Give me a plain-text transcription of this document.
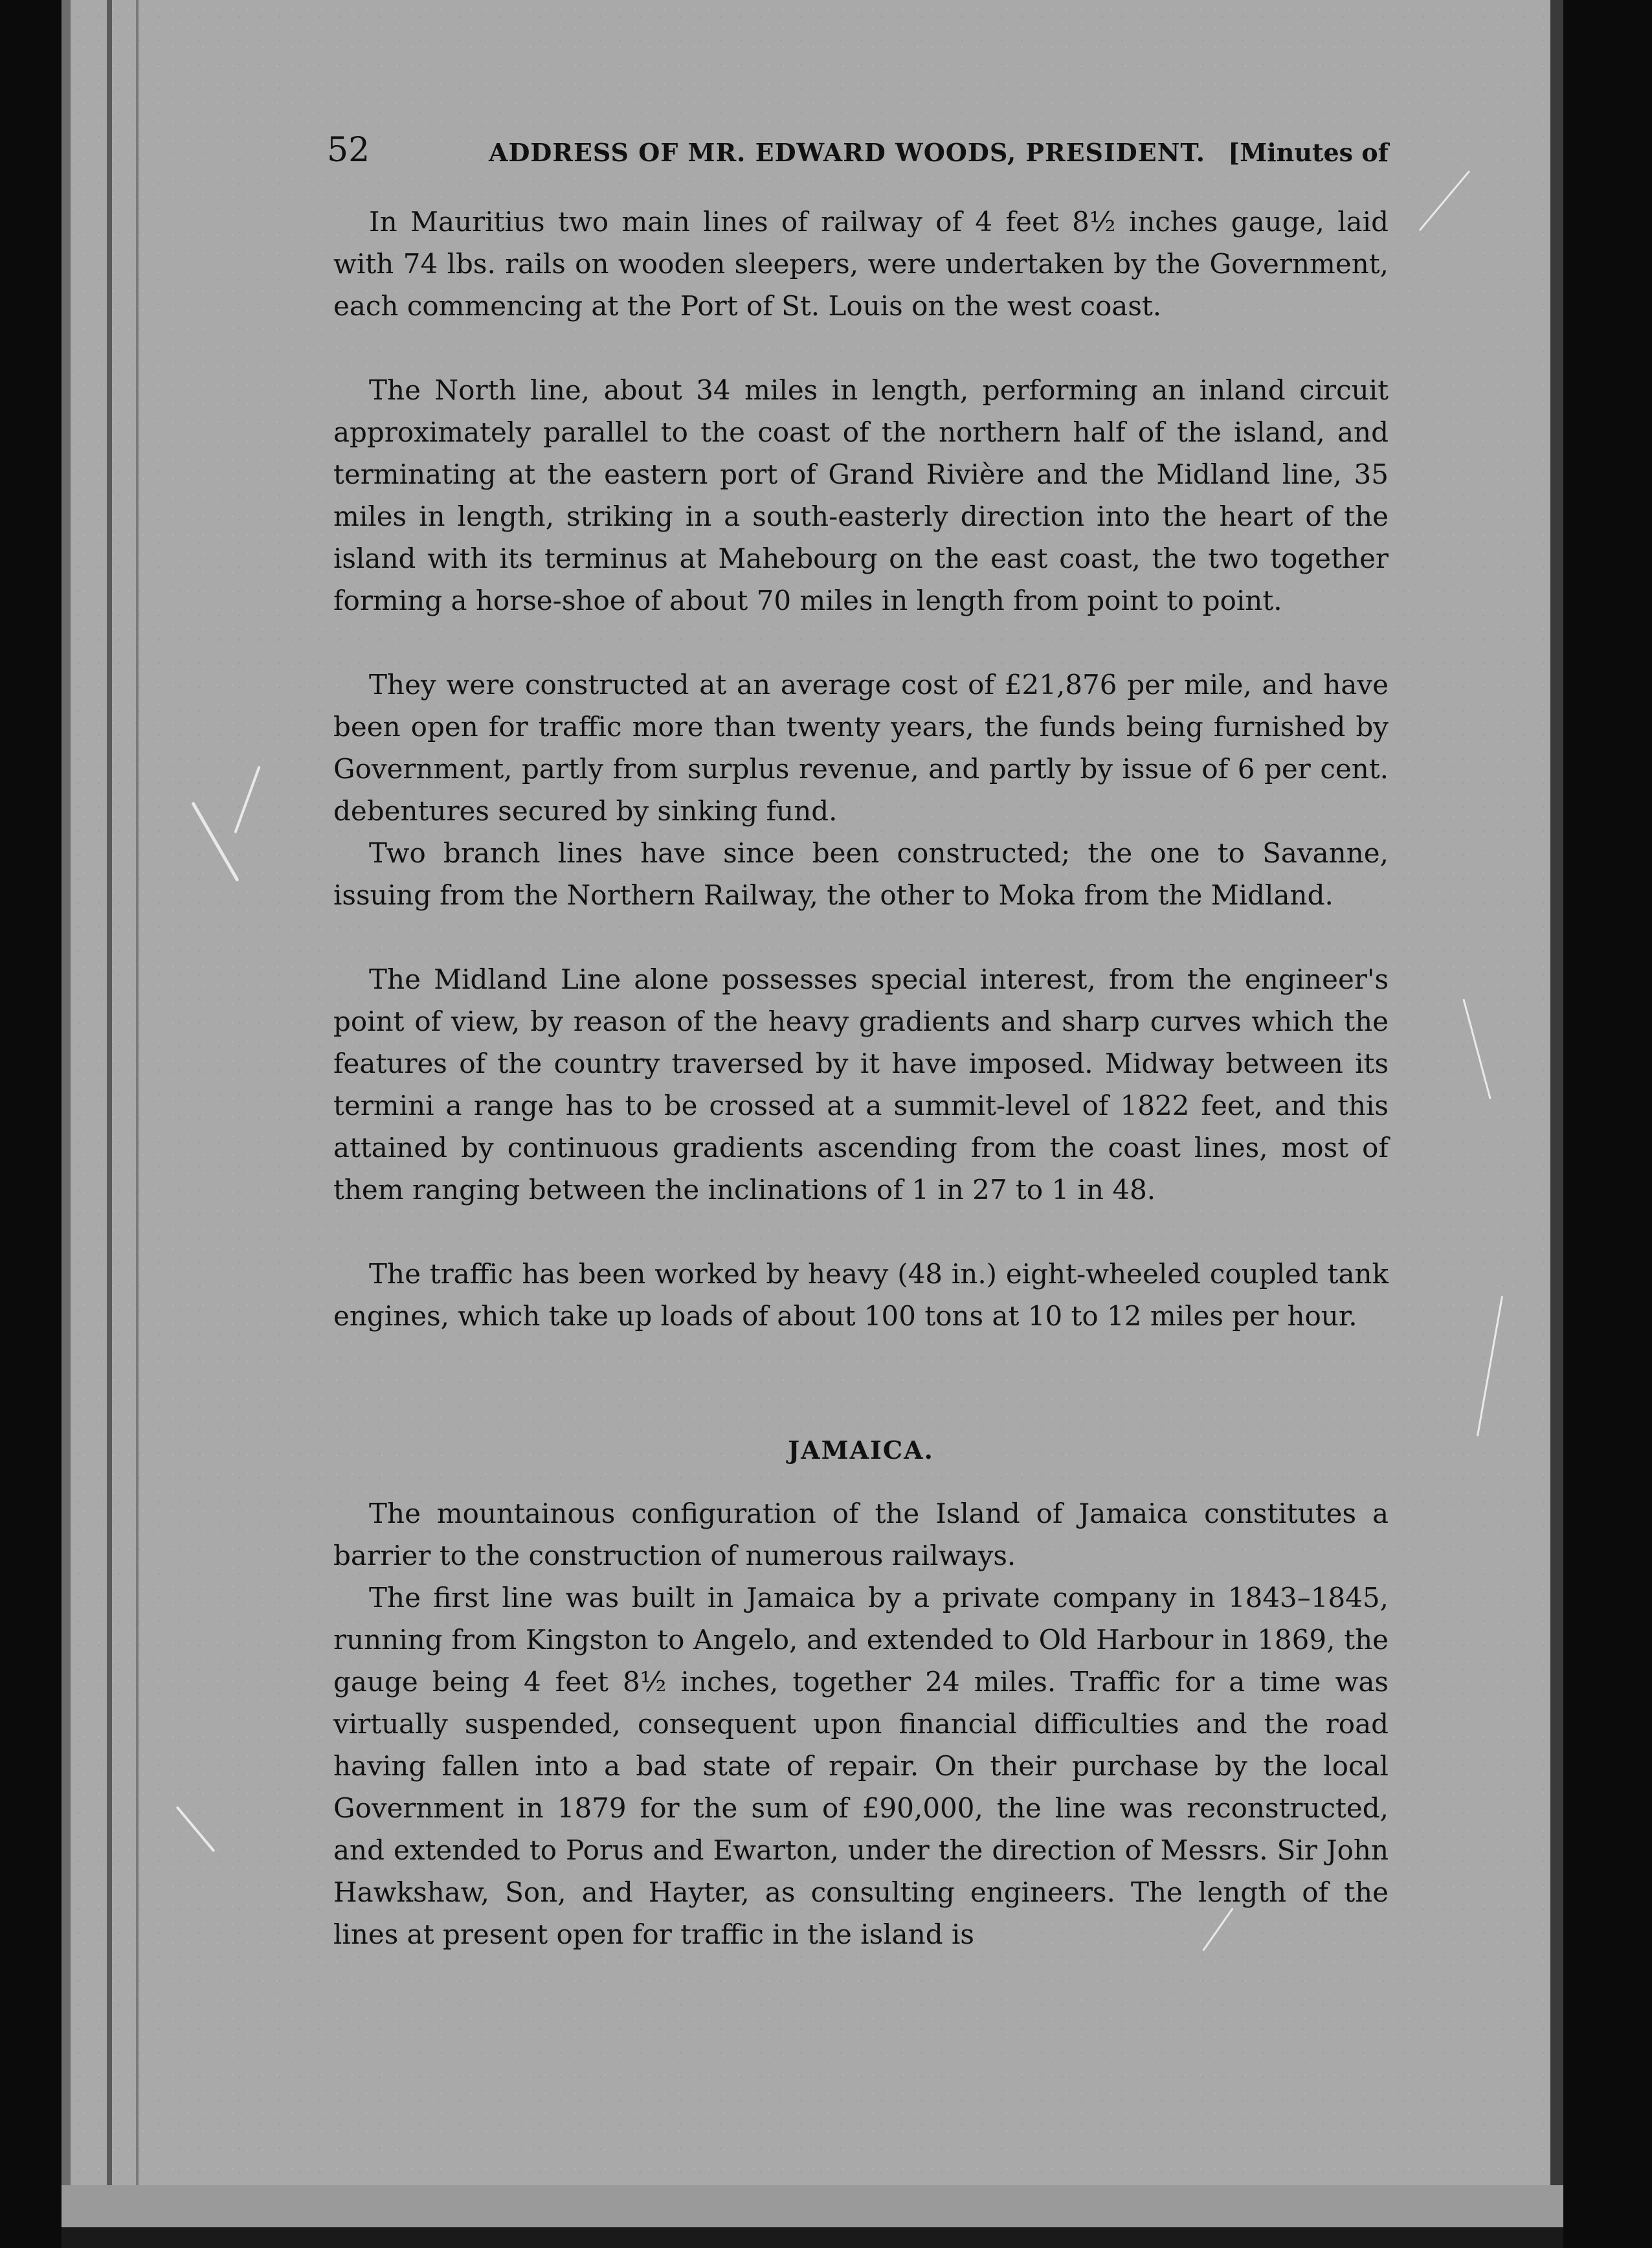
52	ADDRESS OF MR. EDWARD WOODS, PRESIDENT. [Minutes of

In Mauritius two main lines of railway of 4 feet 8½ inches gauge, laid with 74 lbs. rails on wooden sleepers, were undertaken by the Government, each commencing at the Port of St. Louis on the west coast.

The North line, about 34 miles in length, performing an inland circuit approximately parallel to the coast of the northern half of the island, and terminating at the eastern port of Grand Rivière and the Midland line, 35 miles in length, striking in a south-easterly direction into the heart of the island with its terminus at Mahebourg on the east coast, the two together forming a horse-shoe of about 70 miles in length from point to point.

They were constructed at an average cost of £21,876 per mile, and have been open for traffic more than twenty years, the funds being furnished by Government, partly from surplus revenue, and partly by issue of 6 per cent. debentures secured by sinking fund.

Two branch lines have since been constructed; the one to Savanne, issuing from the Northern Railway, the other to Moka from the Midland.

The Midland Line alone possesses special interest, from the engineer's point of view, by reason of the heavy gradients and sharp curves which the features of the country traversed by it have imposed. Midway between its termini a range has to be crossed at a summit-level of 1822 feet, and this attained by continuous gradients ascending from the coast lines, most of them ranging between the inclinations of 1 in 27 to 1 in 48.

The traffic has been worked by heavy (48 in.) eight-wheeled coupled tank engines, which take up loads of about 100 tons at 10 to 12 miles per hour.

JAMAICA.

The mountainous configuration of the Island of Jamaica constitutes a barrier to the construction of numerous railways.

The first line was built in Jamaica by a private company in 1843–1845, running from Kingston to Angelo, and extended to Old Harbour in 1869, the gauge being 4 feet 8½ inches, together 24 miles. Traffic for a time was virtually suspended, consequent upon financial difficulties and the road having fallen into a bad state of repair. On their purchase by the local Government in 1879 for the sum of £90,000, the line was reconstructed, and extended to Porus and Ewarton, under the direction of Messrs. Sir John Hawkshaw, Son, and Hayter, as consulting engineers. The length of the lines at present open for traffic in the island is
